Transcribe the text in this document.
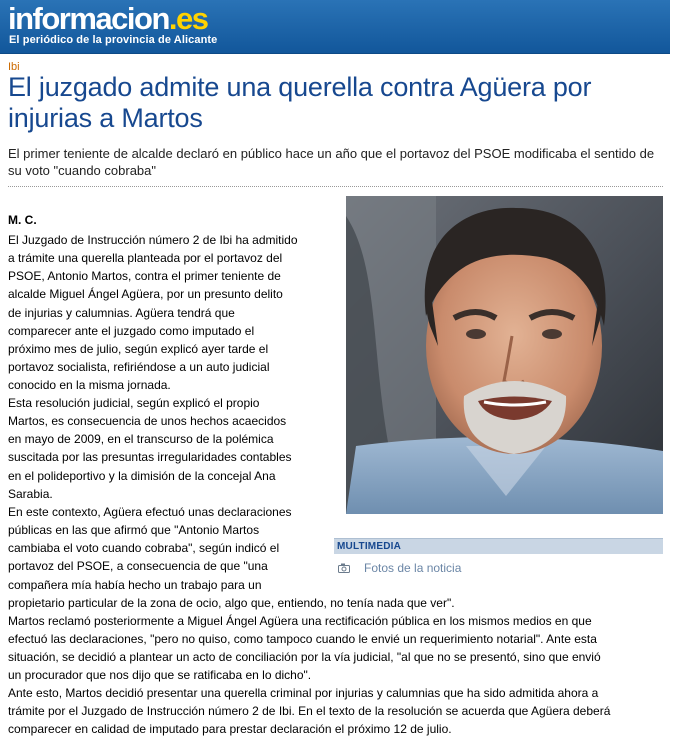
informacion.es
El periódico de la provincia de Alicante
Ibi
El juzgado admite una querella contra Agüera por injurias a Martos
El primer teniente de alcalde declaró en público hace un año que el portavoz del PSOE modificaba el sentido de su voto "cuando cobraba"
MULTIMEDIA
Fotos de la noticia
M. C.
El Juzgado de Instrucción número 2 de Ibi ha admitido
a trámite una querella planteada por el portavoz del
PSOE, Antonio Martos, contra el primer teniente de
alcalde Miguel Ángel Agüera, por un presunto delito
de injurias y calumnias. Agüera tendrá que
comparecer ante el juzgado como imputado el
próximo mes de julio, según explicó ayer tarde el
portavoz socialista, refiriéndose a un auto judicial
conocido en la misma jornada.
Esta resolución judicial, según explicó el propio
Martos, es consecuencia de unos hechos acaecidos
en mayo de 2009, en el transcurso de la polémica
suscitada por las presuntas irregularidades contables
en el polideportivo y la dimisión de la concejal Ana
Sarabia.
En este contexto, Agüera efectuó unas declaraciones
públicas en las que afirmó que "Antonio Martos
cambiaba el voto cuando cobraba", según indicó el
portavoz del PSOE, a consecuencia de que "una
compañera mía había hecho un trabajo para un
propietario particular de la zona de ocio, algo que, entiendo, no tenía nada que ver".
Martos reclamó posteriormente a Miguel Ángel Agüera una rectificación pública en los mismos medios en que
efectuó las declaraciones, "pero no quiso, como tampoco cuando le envié un requerimiento notarial". Ante esta
situación, se decidió a plantear un acto de conciliación por la vía judicial, "al que no se presentó, sino que envió
un procurador que nos dijo que se ratificaba en lo dicho".
Ante esto, Martos decidió presentar una querella criminal por injurias y calumnias que ha sido admitida ahora a
trámite por el Juzgado de Instrucción número 2 de Ibi. En el texto de la resolución se acuerda que Agüera deberá
comparecer en calidad de imputado para prestar declaración el próximo 12 de julio.
